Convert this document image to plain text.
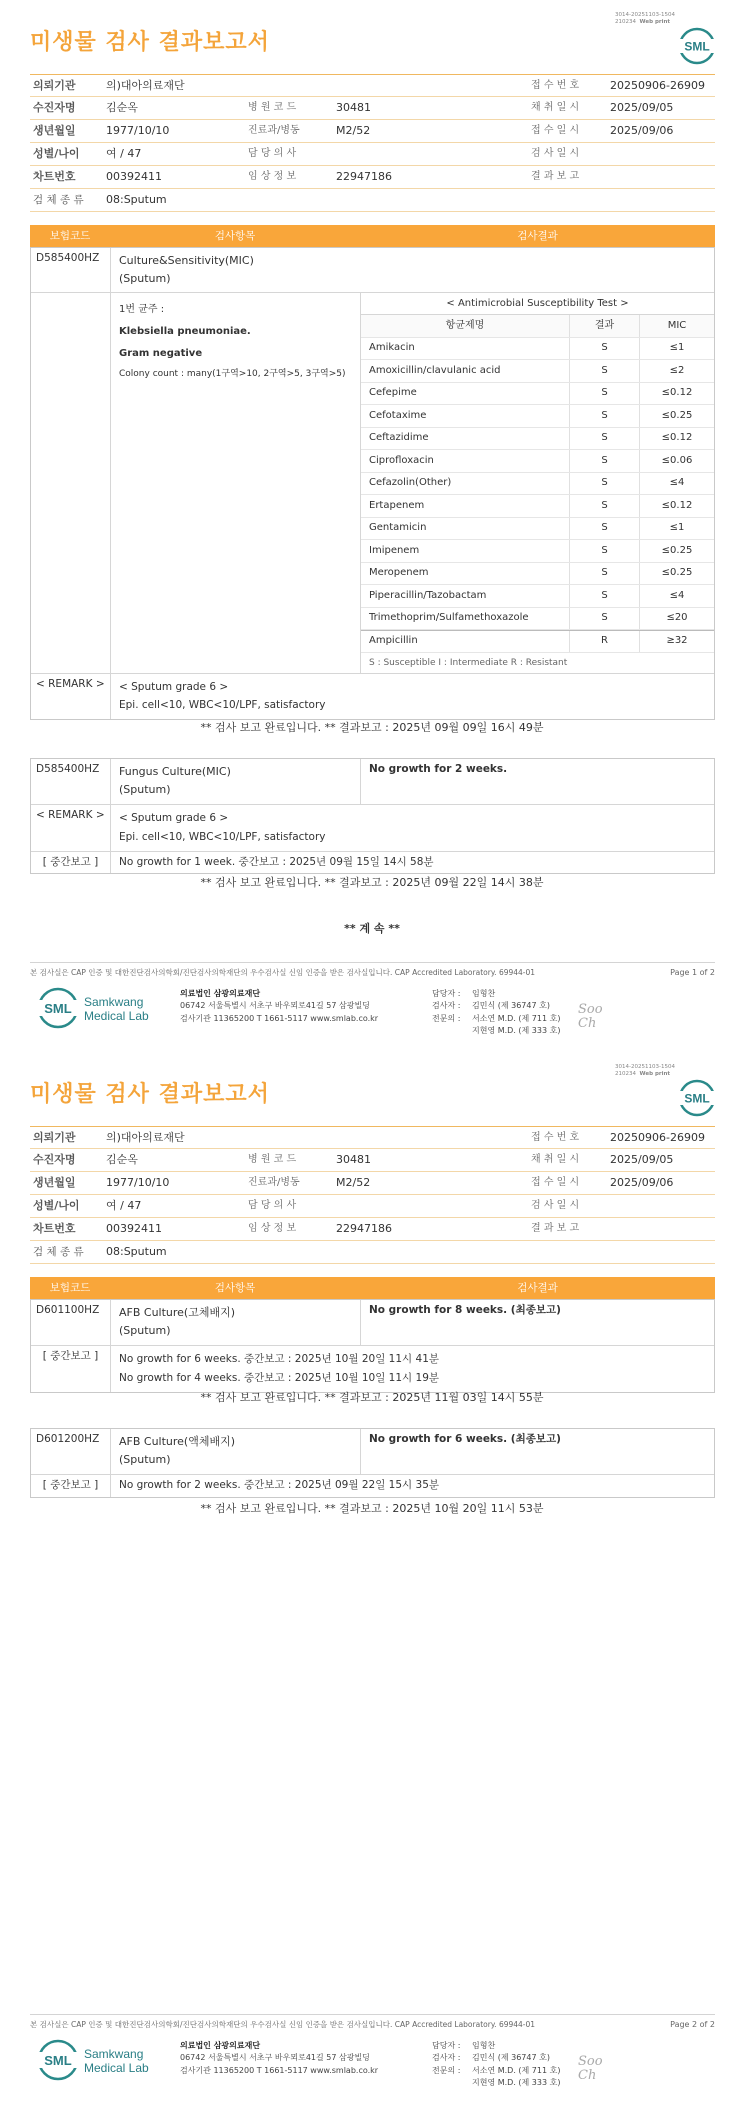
3014-20251103-1504
210234 Web print
SML
미생물 검사 결과보고서
의뢰기관	의)대아의료재단	접 수 번 호	20250906-26909
수진자명	김순옥	병 원 코 드	30481	채 취 일 시	2025/09/05
생년월일	1977/10/10	진료과/병동	M2/52	접 수 일 시	2025/09/06
성별/나이	여 / 47	담 당 의 사	검 사 일 시
차트번호	00392411	임 상 정 보	22947186	결 과 보 고
검 체 종 류	08:Sputum
보험코드	검사항목	검사결과
D585400HZ	Culture&Sensitivity(MIC)
(Sputum)
1번 균주 :
Klebsiella pneumoniae.
Gram negative
Colony count : many(1구역>10, 2구역>5, 3구역>5)
< Antimicrobial Susceptibility Test >
항균제명	결과	MIC
Amikacin	S	≤1
Amoxicillin/clavulanic acid	S	≤2
Cefepime	S	≤0.12
Cefotaxime	S	≤0.25
Ceftazidime	S	≤0.12
Ciprofloxacin	S	≤0.06
Cefazolin(Other)	S	≤4
Ertapenem	S	≤0.12
Gentamicin	S	≤1
Imipenem	S	≤0.25
Meropenem	S	≤0.25
Piperacillin/Tazobactam	S	≤4
Trimethoprim/Sulfamethoxazole	S	≤20
Ampicillin	R	≥32
S : Susceptible I : Intermediate R : Resistant
< REMARK >	< Sputum grade 6 >
Epi. cell<10, WBC<10/LPF, satisfactory
** 검사 보고 완료입니다. ** 결과보고 : 2025년 09월 09일 16시 49분
D585400HZ	Fungus Culture(MIC)
(Sputum)
No growth for 2 weeks.
< REMARK >	< Sputum grade 6 >
Epi. cell<10, WBC<10/LPF, satisfactory
[ 중간보고 ]	No growth for 1 week. 중간보고 : 2025년 09월 15일 14시 58분
** 검사 보고 완료입니다. ** 결과보고 : 2025년 09월 22일 14시 38분
** 계 속 **
본 검사실은 CAP 인증 및 대한진단검사의학회/진단검사의학재단의 우수검사실 신임 인증을 받은 검사실입니다. CAP Accredited Laboratory. 69944-01	Page 1 of 2
SML Samkwang
Medical Lab
의료법인 삼광의료재단
06742 서울특별시 서초구 바우뫼로41길 57 삼광빌딩
검사기관 11365200 T 1661-5117 www.smlab.co.kr
담당자 : 임형찬
검사자 : 김민식 (제 36747 호)
전문의 : 서소연 M.D. (제 711 호)
지현영 M.D. (제 333 호)
Soo
Ch
3014-20251103-1504
210234 Web print
SML
미생물 검사 결과보고서
의뢰기관	의)대아의료재단	접 수 번 호	20250906-26909
수진자명	김순옥	병 원 코 드	30481	채 취 일 시	2025/09/05
생년월일	1977/10/10	진료과/병동	M2/52	접 수 일 시	2025/09/06
성별/나이	여 / 47	담 당 의 사	검 사 일 시
차트번호	00392411	임 상 정 보	22947186	결 과 보 고
검 체 종 류	08:Sputum
보험코드	검사항목	검사결과
D601100HZ	AFB Culture(고체배지)
(Sputum)
No growth for 8 weeks. (최종보고)
[ 중간보고 ]	No growth for 6 weeks. 중간보고 : 2025년 10월 20일 11시 41분
No growth for 4 weeks. 중간보고 : 2025년 10월 10일 11시 19분
** 검사 보고 완료입니다. ** 결과보고 : 2025년 11월 03일 14시 55분
D601200HZ	AFB Culture(액체배지)
(Sputum)
No growth for 6 weeks. (최종보고)
[ 중간보고 ]	No growth for 2 weeks. 중간보고 : 2025년 09월 22일 15시 35분
** 검사 보고 완료입니다. ** 결과보고 : 2025년 10월 20일 11시 53분
본 검사실은 CAP 인증 및 대한진단검사의학회/진단검사의학재단의 우수검사실 신임 인증을 받은 검사실입니다. CAP Accredited Laboratory. 69944-01	Page 2 of 2
SML Samkwang
Medical Lab
의료법인 삼광의료재단
06742 서울특별시 서초구 바우뫼로41길 57 삼광빌딩
검사기관 11365200 T 1661-5117 www.smlab.co.kr
담당자 : 임형찬
검사자 : 김민식 (제 36747 호)
전문의 : 서소연 M.D. (제 711 호)
지현영 M.D. (제 333 호)
Soo
Ch
